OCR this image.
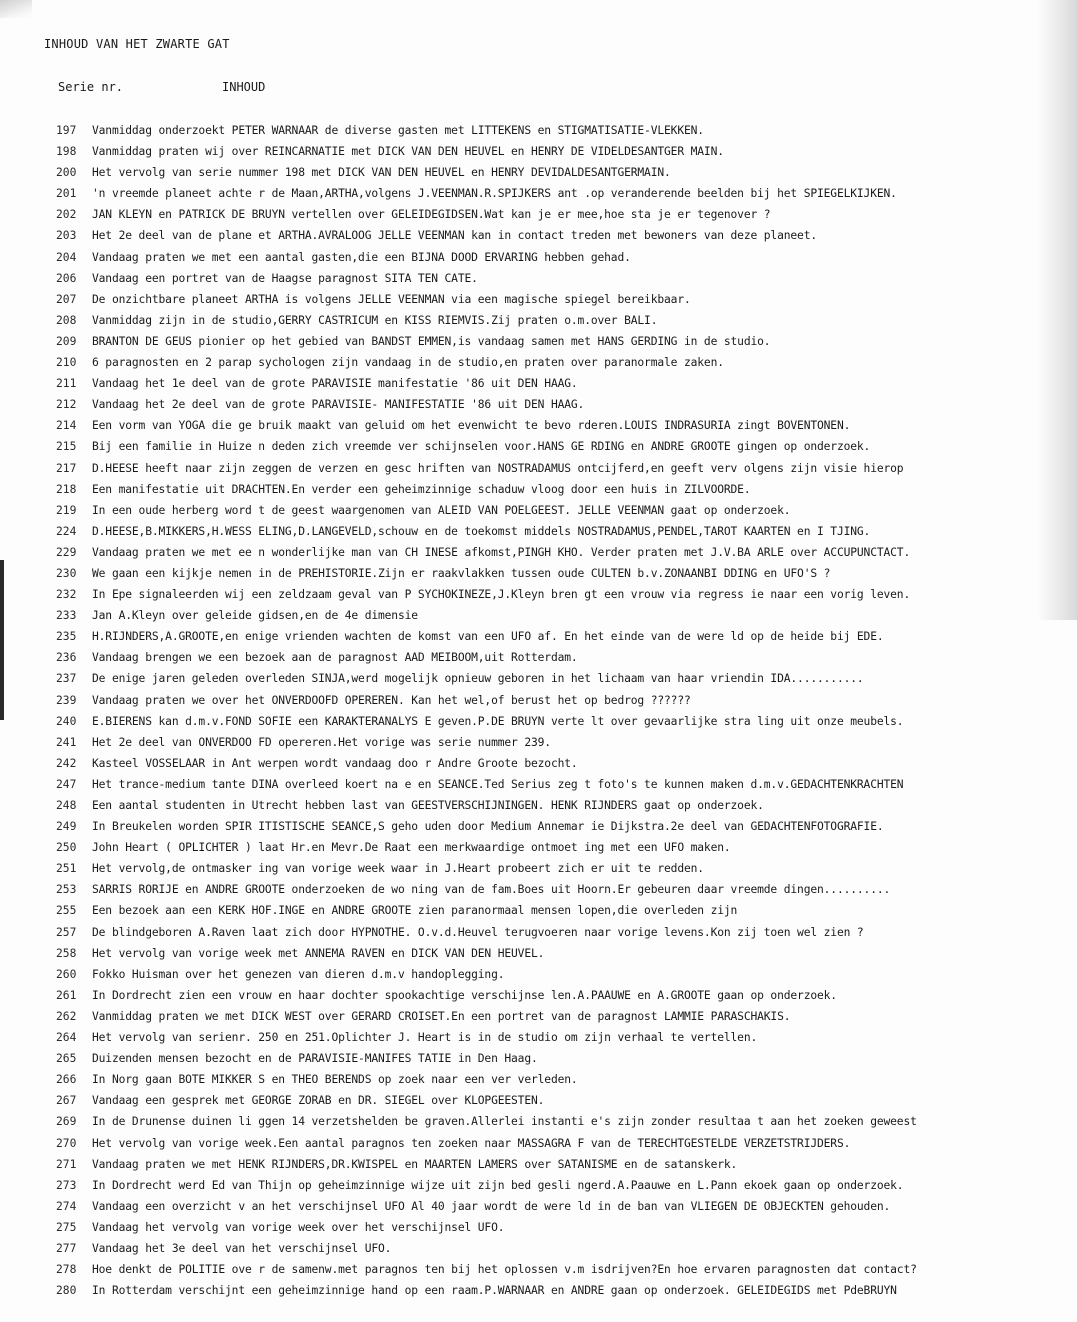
INHOUD VAN HET ZWARTE GAT
Serie nr.	INHOUD
197 Vanmiddag onderzoekt PETER WARNAAR de diverse gasten met LITTEKENS en STIGMATISATIE-VLEKKEN.
198 Vanmiddag praten wij over REINCARNATIE met DICK VAN DEN HEUVEL en HENRY DE VIDELDESANTGER MAIN.
200 Het vervolg van serie nummer 198 met DICK VAN DEN HEUVEL en HENRY DEVIDALDESANTGERMAIN.
201 'n vreemde planeet achte r de Maan,ARTHA,volgens J.VEENMAN.R.SPIJKERS ant .op veranderende beelden bij het SPIEGELKIJKEN.
202 JAN KLEYN en PATRICK DE BRUYN vertellen over GELEIDEGIDSEN.Wat kan je er mee,hoe sta je er tegenover ?
203 Het 2e deel van de plane et ARTHA.AVRALOOG JELLE VEENMAN kan in contact treden met bewoners van deze planeet.
204 Vandaag praten we met een aantal gasten,die een BIJNA DOOD ERVARING hebben gehad.
206 Vandaag een portret van de Haagse paragnost SITA TEN CATE.
207 De onzichtbare planeet ARTHA is volgens JELLE VEENMAN via een magische spiegel bereikbaar.
208 Vanmiddag zijn in de studio,GERRY CASTRICUM en KISS RIEMVIS.Zij praten o.m.over BALI.
209 BRANTON DE GEUS pionier op het gebied van BANDST EMMEN,is vandaag samen met HANS GERDING in de studio.
210 6 paragnosten en 2 parap sychologen zijn vandaag in de studio,en praten over paranormale zaken.
211 Vandaag het 1e deel van de grote PARAVISIE manifestatie '86 uit DEN HAAG.
212 Vandaag het 2e deel van de grote PARAVISIE- MANIFESTATIE '86 uit DEN HAAG.
214 Een vorm van YOGA die ge bruik maakt van geluid om het evenwicht te bevo rderen.LOUIS INDRASURIA zingt BOVENTONEN.
215 Bij een familie in Huize n deden zich vreemde ver schijnselen voor.HANS GE RDING en ANDRE GROOTE gingen op onderzoek.
217 D.HEESE heeft naar zijn zeggen de verzen en gesc hriften van NOSTRADAMUS ontcijferd,en geeft verv olgens zijn visie hierop
218 Een manifestatie uit DRACHTEN.En verder een geheimzinnige schaduw vloog door een huis in ZILVOORDE.
219 In een oude herberg word t de geest waargenomen van ALEID VAN POELGEEST. JELLE VEENMAN gaat op onderzoek.
224 D.HEESE,B.MIKKERS,H.WESS ELING,D.LANGEVELD,schouw en de toekomst middels NOSTRADAMUS,PENDEL,TAROT KAARTEN en I TJING.
229 Vandaag praten we met ee n wonderlijke man van CH INESE afkomst,PINGH KHO. Verder praten met J.V.BA ARLE over ACCUPUNCTACT.
230 We gaan een kijkje nemen in de PREHISTORIE.Zijn er raakvlakken tussen oude CULTEN b.v.ZONAANBI DDING en UFO'S ?
232 In Epe signaleerden wij een zeldzaam geval van P SYCHOKINEZE,J.Kleyn bren gt een vrouw via regress ie naar een vorig leven.
233 Jan A.Kleyn over geleide gidsen,en de 4e dimensie
235 H.RIJNDERS,A.GROOTE,en enige vrienden wachten de komst van een UFO af. En het einde van de were ld op de heide bij EDE.
236 Vandaag brengen we een bezoek aan de paragnost AAD MEIBOOM,uit Rotterdam.
237 De enige jaren geleden overleden SINJA,werd mogelijk opnieuw geboren in het lichaam van haar vriendin IDA...........
239 Vandaag praten we over het ONVERDOOFD OPEREREN. Kan het wel,of berust het op bedrog ??????
240 E.BIERENS kan d.m.v.FOND SOFIE een KARAKTERANALYS E geven.P.DE BRUYN verte lt over gevaarlijke stra ling uit onze meubels.
241 Het 2e deel van ONVERDOO FD opereren.Het vorige was serie nummer 239.
242 Kasteel VOSSELAAR in Ant werpen wordt vandaag doo r Andre Groote bezocht.
247 Het trance-medium tante DINA overleed koert na e en SEANCE.Ted Serius zeg t foto's te kunnen maken d.m.v.GEDACHTENKRACHTEN
248 Een aantal studenten in Utrecht hebben last van GEESTVERSCHIJNINGEN. HENK RIJNDERS gaat op onderzoek.
249 In Breukelen worden SPIR ITISTISCHE SEANCE,S geho uden door Medium Annemar ie Dijkstra.2e deel van GEDACHTENFOTOGRAFIE.
250 John Heart ( OPLICHTER ) laat Hr.en Mevr.De Raat een merkwaardige ontmoet ing met een UFO maken.
251 Het vervolg,de ontmasker ing van vorige week waar in J.Heart probeert zich er uit te redden.
253 SARRIS RORIJE en ANDRE GROOTE onderzoeken de wo ning van de fam.Boes uit Hoorn.Er gebeuren daar vreemde dingen..........
255 Een bezoek aan een KERK HOF.INGE en ANDRE GROOTE zien paranormaal mensen lopen,die overleden zijn
257 De blindgeboren A.Raven laat zich door HYPNOTHE. O.v.d.Heuvel terugvoeren naar vorige levens.Kon zij toen wel zien ?
258 Het vervolg van vorige week met ANNEMA RAVEN en DICK VAN DEN HEUVEL.
260 Fokko Huisman over het genezen van dieren d.m.v handoplegging.
261 In Dordrecht zien een vrouw en haar dochter spookachtige verschijnse len.A.PAAUWE en A.GROOTE gaan op onderzoek.
262 Vanmiddag praten we met DICK WEST over GERARD CROISET.En een portret van de paragnost LAMMIE PARASCHAKIS.
264 Het vervolg van serienr. 250 en 251.Oplichter J. Heart is in de studio om zijn verhaal te vertellen.
265 Duizenden mensen bezocht en de PARAVISIE-MANIFES TATIE in Den Haag.
266 In Norg gaan BOTE MIKKER S en THEO BERENDS op zoek naar een ver verleden.
267 Vandaag een gesprek met GEORGE ZORAB en DR. SIEGEL over KLOPGEESTEN.
269 In de Drunense duinen li ggen 14 verzetshelden be graven.Allerlei instanti e's zijn zonder resultaa t aan het zoeken geweest
270 Het vervolg van vorige week.Een aantal paragnos ten zoeken naar MASSAGRA F van de TERECHTGESTELDE VERZETSTRIJDERS.
271 Vandaag praten we met HENK RIJNDERS,DR.KWISPEL en MAARTEN LAMERS over SATANISME en de satanskerk.
273 In Dordrecht werd Ed van Thijn op geheimzinnige wijze uit zijn bed gesli ngerd.A.Paauwe en L.Pann ekoek gaan op onderzoek.
274 Vandaag een overzicht v an het verschijnsel UFO Al 40 jaar wordt de were ld in de ban van VLIEGEN DE OBJECKTEN gehouden.
275 Vandaag het vervolg van vorige week over het verschijnsel UFO.
277 Vandaag het 3e deel van het verschijnsel UFO.
278 Hoe denkt de POLITIE ove r de samenw.met paragnos ten bij het oplossen v.m isdrijven?En hoe ervaren paragnosten dat contact?
280 In Rotterdam verschijnt een geheimzinnige hand op een raam.P.WARNAAR en ANDRE gaan op onderzoek. GELEIDEGIDS met PdeBRUYN
